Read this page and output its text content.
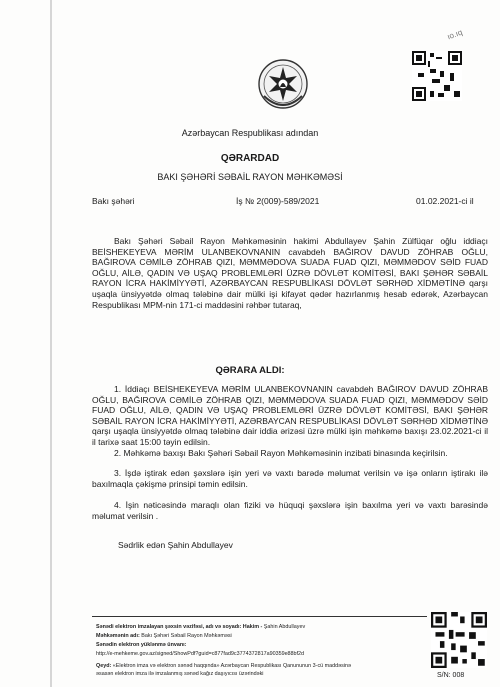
ıo.ıq
Azərbaycan Respublikası adından
QƏRARDAD
BAKI ŞƏHƏRİ SƏBAİL RAYON MƏHKƏMƏSİ
Bakı şəhəri	İş № 2(009)-589/2021	01.02.2021-ci il

Bakı Şəhəri Səbail Rayon Məhkəməsinin hakimi Abdullayev Şahin Zülfüqar oğlu iddiaçı BEİSHEKEYEVA MƏRİM ULANBEKOVNANIN cavabdeh BAĞIROV DAVUD ZÖHRAB OĞLU, BAĞIROVA CƏMİLƏ ZÖHRAB QIZI, MƏMMƏDOVA SUADA FUAD QIZI, MƏMMƏDOV SƏİD FUAD OĞLU, AİLƏ, QADIN VƏ UŞAQ PROBLEMLƏRİ ÜZRƏ DÖVLƏT KOMİTƏSİ, BAKI ŞƏHƏR SƏBAİL RAYON İCRA HAKİMİYYƏTİ, AZƏRBAYCAN RESPUBLİKASI DÖVLƏT SƏRHƏD XİDMƏTİNƏ qarşı uşaqla ünsiyyətdə olmaq tələbinə dair mülki işi kifayət qədər hazırlanmış hesab edərək, Azərbaycan Respublikası MPM-nin 171-ci maddəsini rəhbər tutaraq,

QƏRARA ALDI:

1. İddiaçı BEİSHEKEYEVA MƏRİM ULANBEKOVNANIN cavabdeh BAĞIROV DAVUD ZÖHRAB OĞLU, BAĞIROVA CƏMİLƏ ZÖHRAB QIZI, MƏMMƏDOVA SUADA FUAD QIZI, MƏMMƏDOV SƏİD FUAD OĞLU, AİLƏ, QADIN VƏ UŞAQ PROBLEMLƏRİ ÜZRƏ DÖVLƏT KOMİTƏSİ, BAKI ŞƏHƏR SƏBAİL RAYON İCRA HAKİMİYYƏTİ, AZƏRBAYCAN RESPUBLİKASI DÖVLƏT SƏRHƏD XİDMƏTİNƏ qarşı uşaqla ünsiyyətdə olmaq tələbinə dair iddia ərizəsi üzrə mülki işin məhkəmə baxışı 23.02.2021-ci il il tarixə saat 15:00 təyin edilsin.

2. Məhkəmə baxışı Bakı Şəhəri Səbail Rayon Məhkəməsinin inzibati binasında keçirilsin.

3. İşdə iştirak edən şəxslərə işin yeri və vaxtı barədə məlumat verilsin və işə onların iştirakı ilə baxılmaqla çəkişmə prinsipi təmin edilsin.

4. İşin nəticəsində maraqlı olan fiziki və hüquqi şəxslərə işin baxılma yeri və vaxtı barəsində məlumat verilsin .

Sədrlik edən Şahin Abdullayev
Sənədi elektron imzalayan şəxsin vəzifəsi, adı və soyadı: Hakim - Şahin Abdullayev
Məhkəmənin adı: Bakı Şəhəri Səbail Rayon Məhkəməsi
Sənədin elektron yüklənmə ünvanı:
http://e-mehkeme.gov.az/signed/ShowPdf?guid=c877fad9c3774372817a90359e88bf2d
Qeyd: «Elektron imza və elektron sənəd haqqında» Azərbaycan Respublikası Qanununun 3-cü maddəsinə
əsasən elektron imza ilə imzalanmış sənəd kağız daşıyıcısı üzərindəki	S/N: 008
